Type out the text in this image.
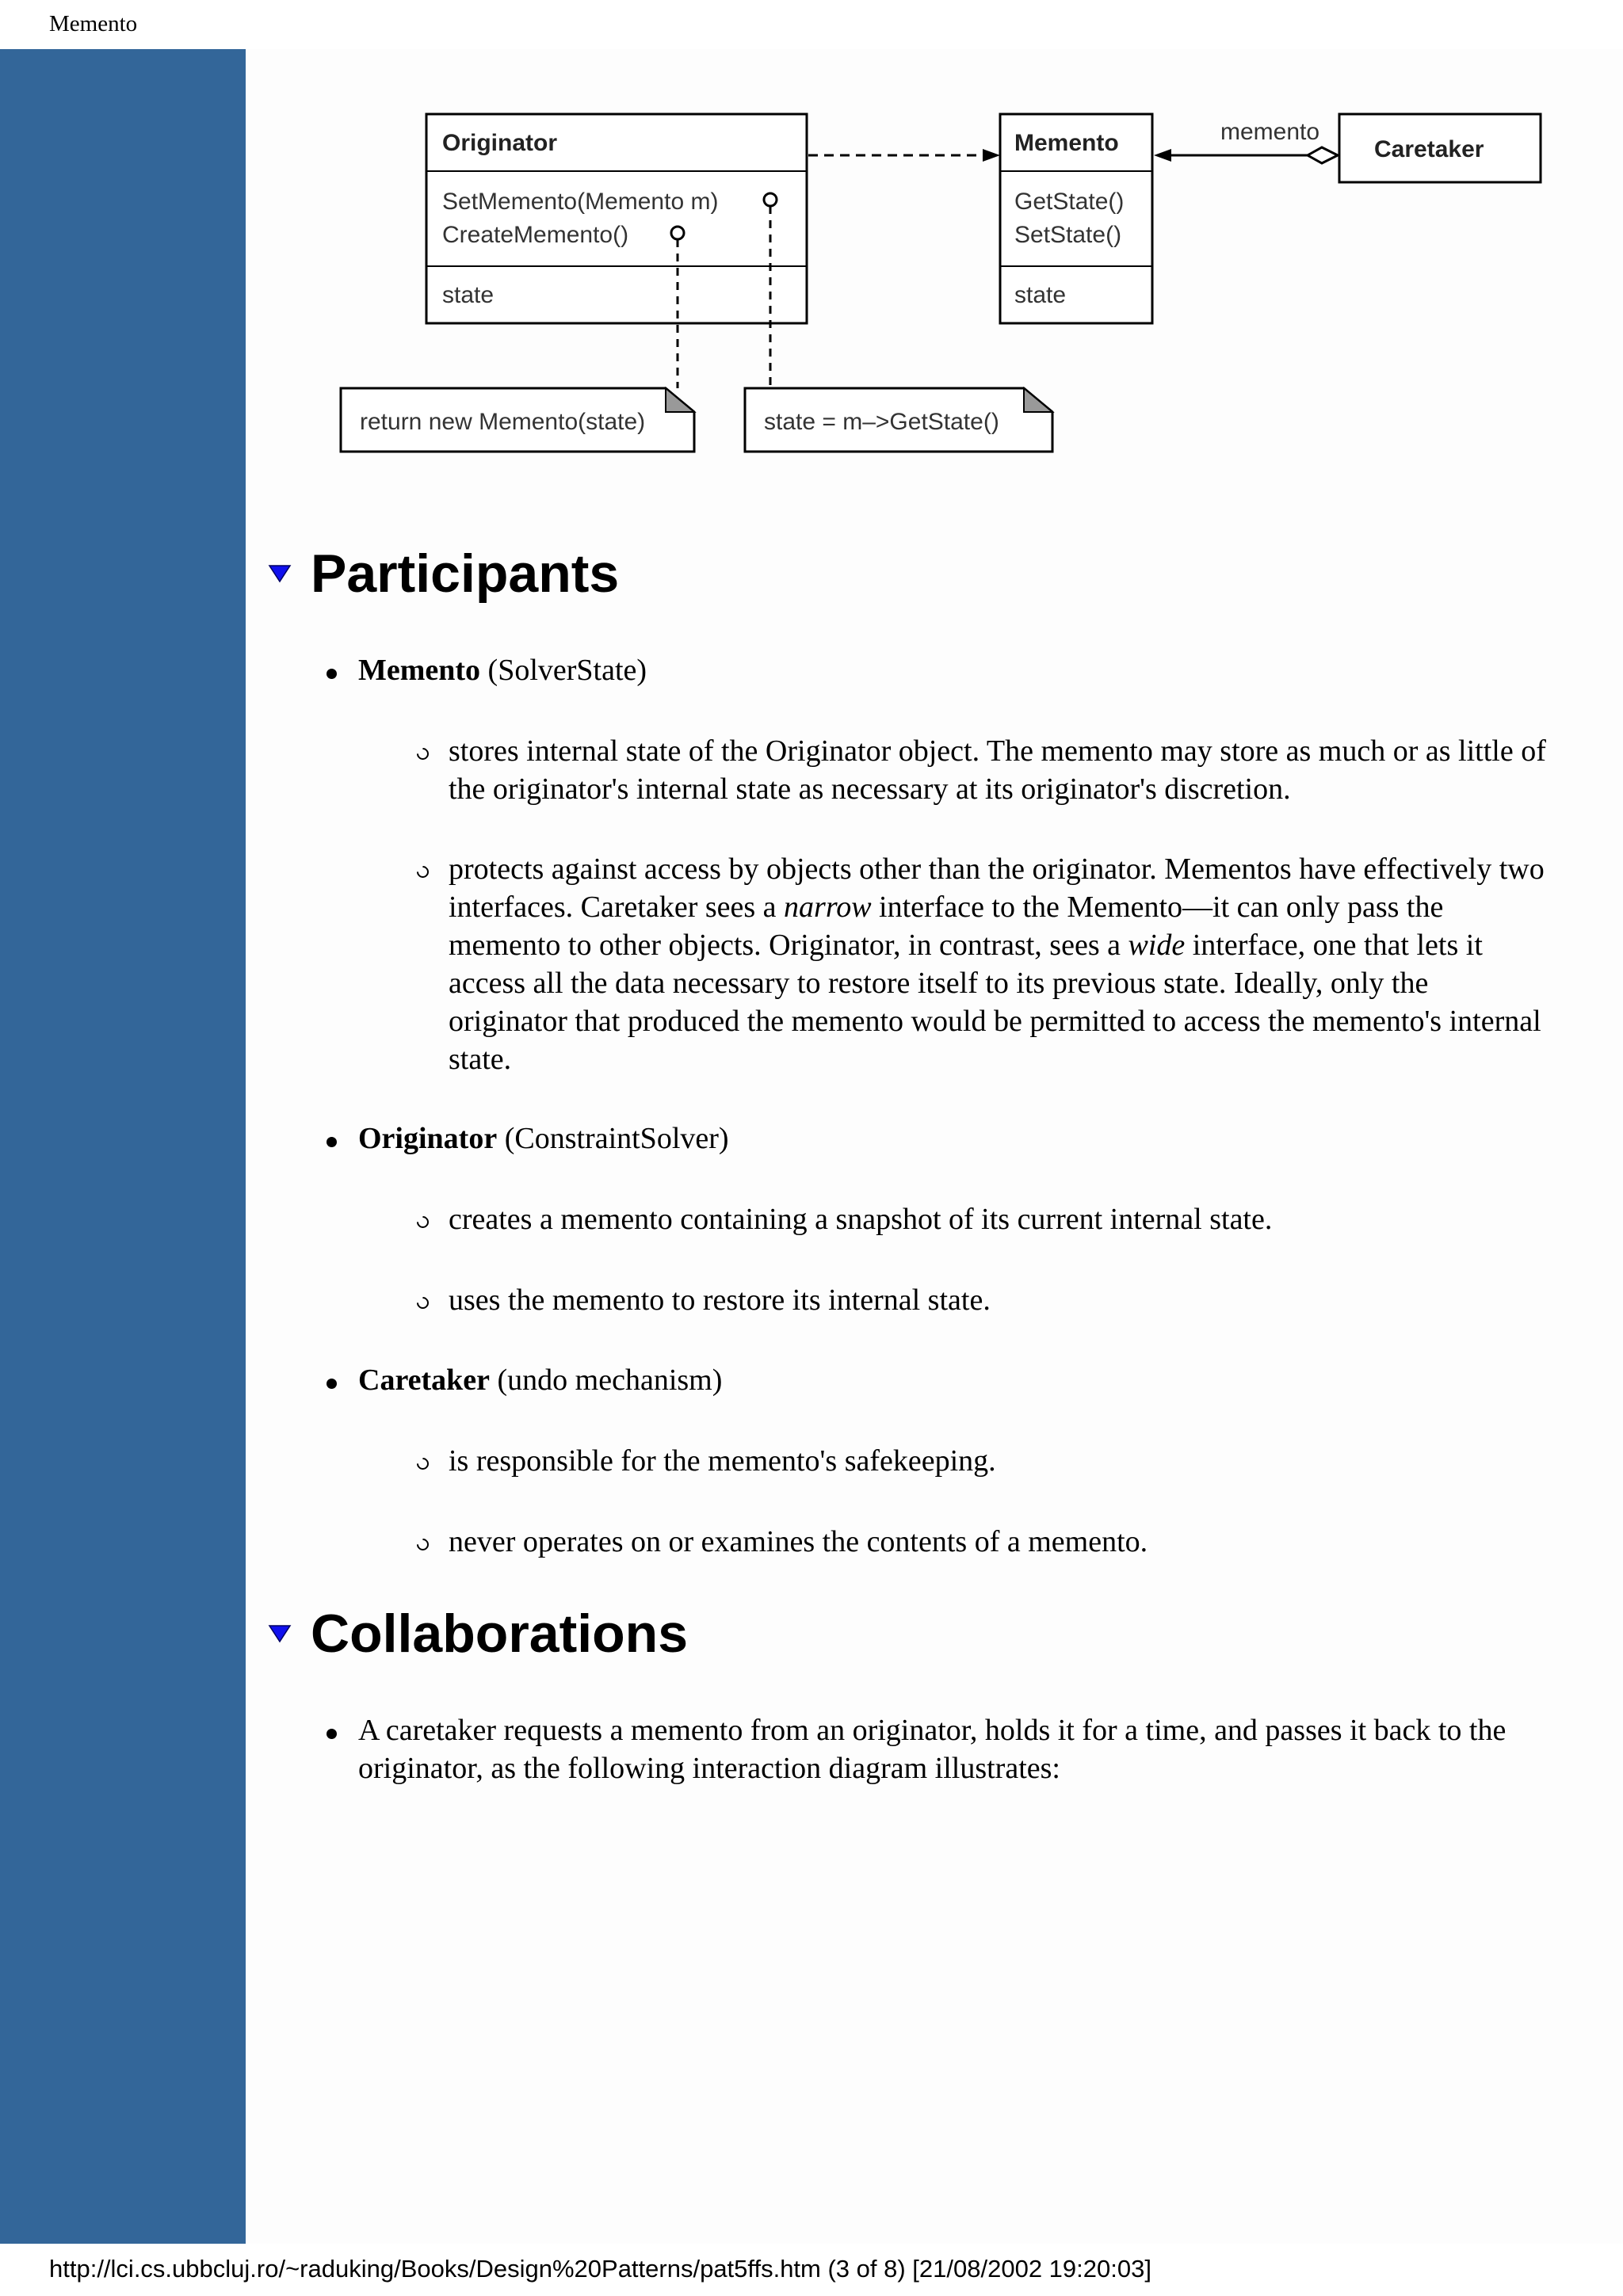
Memento
Originator
SetMemento(Memento m)
CreateMemento()
state
Memento
GetState()
SetState()
state
Caretaker
memento
return new Memento(state)	state = m–>GetState()
Participants
Memento (SolverState)
stores internal state of the Originator object. The memento may store as much or as little of
the originator's internal state as necessary at its originator's discretion.
protects against access by objects other than the originator. Mementos have effectively two
interfaces. Caretaker sees a narrow interface to the Memento—it can only pass the
memento to other objects. Originator, in contrast, sees a wide interface, one that lets it
access all the data necessary to restore itself to its previous state. Ideally, only the
originator that produced the memento would be permitted to access the memento's internal
state.
Originator (ConstraintSolver)
creates a memento containing a snapshot of its current internal state.
uses the memento to restore its internal state.
Caretaker (undo mechanism)
is responsible for the memento's safekeeping.
never operates on or examines the contents of a memento.
Collaborations
A caretaker requests a memento from an originator, holds it for a time, and passes it back to the
originator, as the following interaction diagram illustrates:
http://lci.cs.ubbcluj.ro/~raduking/Books/Design%20Patterns/pat5ffs.htm (3 of 8) [21/08/2002 19:20:03]
